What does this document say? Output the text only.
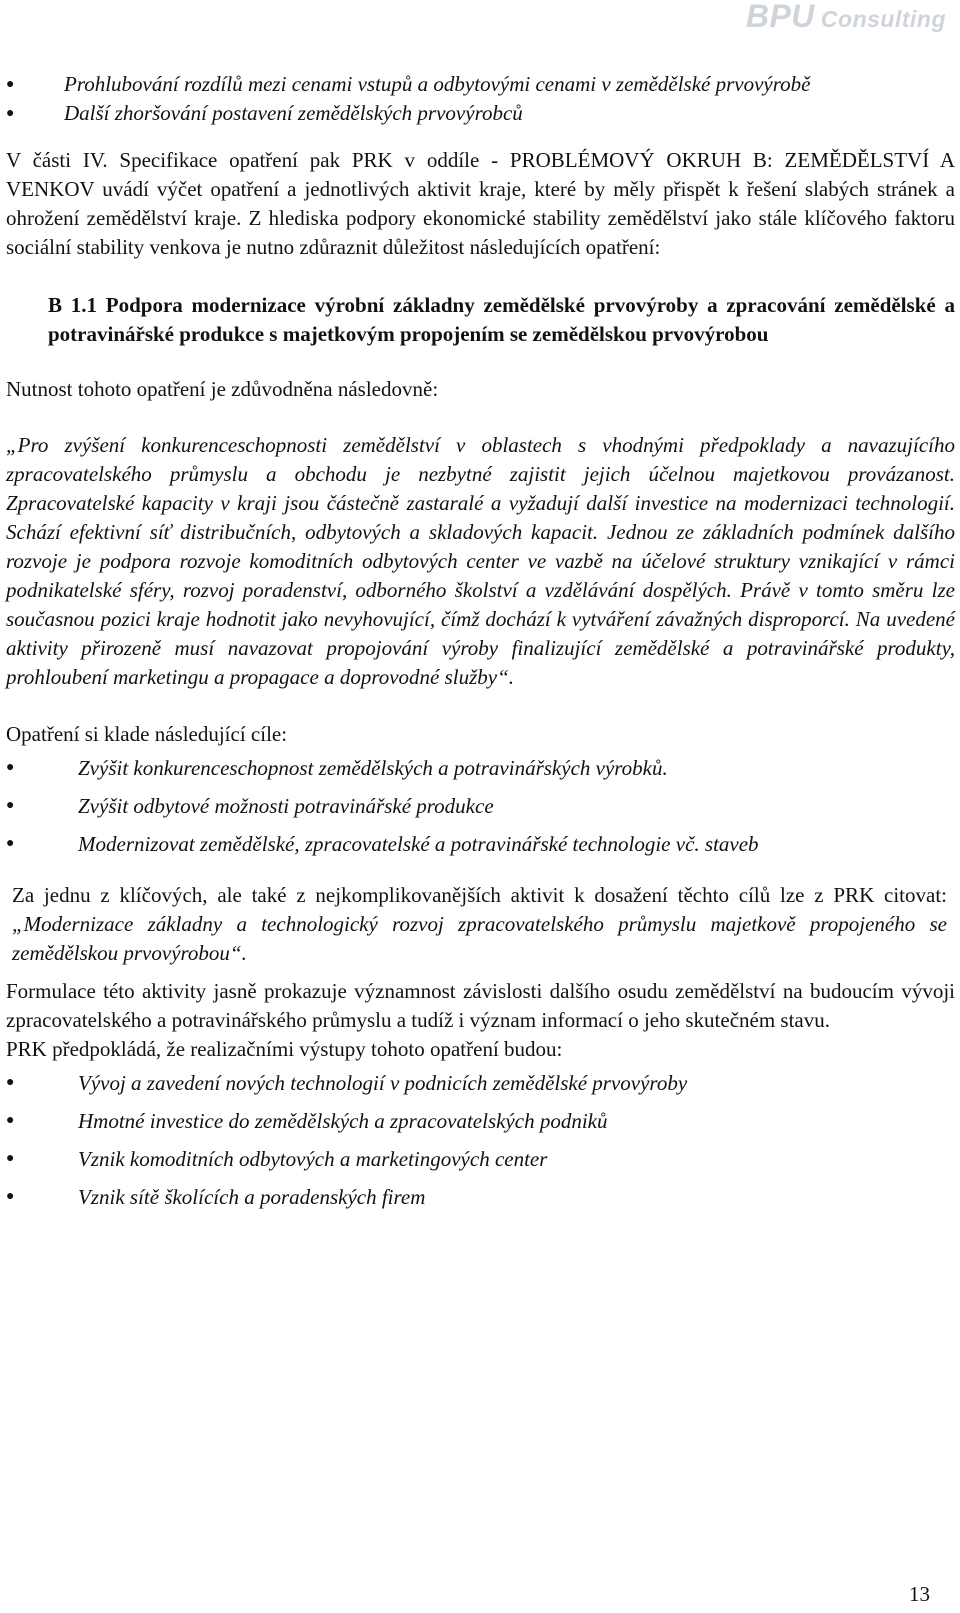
BPU Consulting
● Prohlubování rozdílů mezi cenami vstupů a odbytovými cenami v zemědělské prvovýrobě
● Další zhoršování postavení zemědělských prvovýrobců

V části IV. Specifikace opatření pak PRK v oddíle - PROBLÉMOVÝ OKRUH B: ZEMĚDĚLSTVÍ A VENKOV uvádí výčet opatření a jednotlivých aktivit kraje, které by měly přispět k řešení slabých stránek a ohrožení zemědělství kraje. Z hlediska podpory ekonomické stability zemědělství jako stále klíčového faktoru sociální stability venkova je nutno zdůraznit důležitost následujících opatření:

B 1.1 Podpora modernizace výrobní základny zemědělské prvovýroby a zpracování zemědělské a potravinářské produkce s majetkovým propojením se zemědělskou prvovýrobou

Nutnost tohoto opatření je zdůvodněna následovně:

„Pro zvýšení konkurenceschopnosti zemědělství v oblastech s vhodnými předpoklady a navazujícího zpracovatelského průmyslu a obchodu je nezbytné zajistit jejich účelnou majetkovou provázanost. Zpracovatelské kapacity v kraji jsou částečně zastaralé a vyžadují další investice na modernizaci technologií. Schází efektivní síť distribučních, odbytových a skladových kapacit. Jednou ze základních podmínek dalšího rozvoje je podpora rozvoje komoditních odbytových center ve vazbě na účelové struktury vznikající v rámci podnikatelské sféry, rozvoj poradenství, odborného školství a vzdělávání dospělých. Právě v tomto směru lze současnou pozici kraje hodnotit jako nevyhovující, čímž dochází k vytváření závažných disproporcí. Na uvedené aktivity přirozeně musí navazovat propojování výroby finalizující zemědělské a potravinářské produkty, prohloubení marketingu a propagace a doprovodné služby“.

Opatření si klade následující cíle:

●	Zvýšit konkurenceschopnost zemědělských a potravinářských výrobků.
●	Zvýšit odbytové možnosti potravinářské produkce
●	Modernizovat zemědělské, zpracovatelské a potravinářské technologie vč. staveb

Za jednu z klíčových, ale také z nejkomplikovanějších aktivit k dosažení těchto cílů lze z PRK citovat: „Modernizace základny a technologický rozvoj zpracovatelského průmyslu majetkově propojeného se zemědělskou prvovýrobou“.

Formulace této aktivity jasně prokazuje významnost závislosti dalšího osudu zemědělství na budoucím vývoji zpracovatelského a potravinářského průmyslu a tudíž i význam informací o jeho skutečném stavu.

PRK předpokládá, že realizačními výstupy tohoto opatření budou:

●	Vývoj a zavedení nových technologií v podnicích zemědělské prvovýroby
●	Hmotné investice do zemědělských a zpracovatelských podniků
●	Vznik komoditních odbytových a marketingových center
●	Vznik sítě školících a poradenských firem
13
